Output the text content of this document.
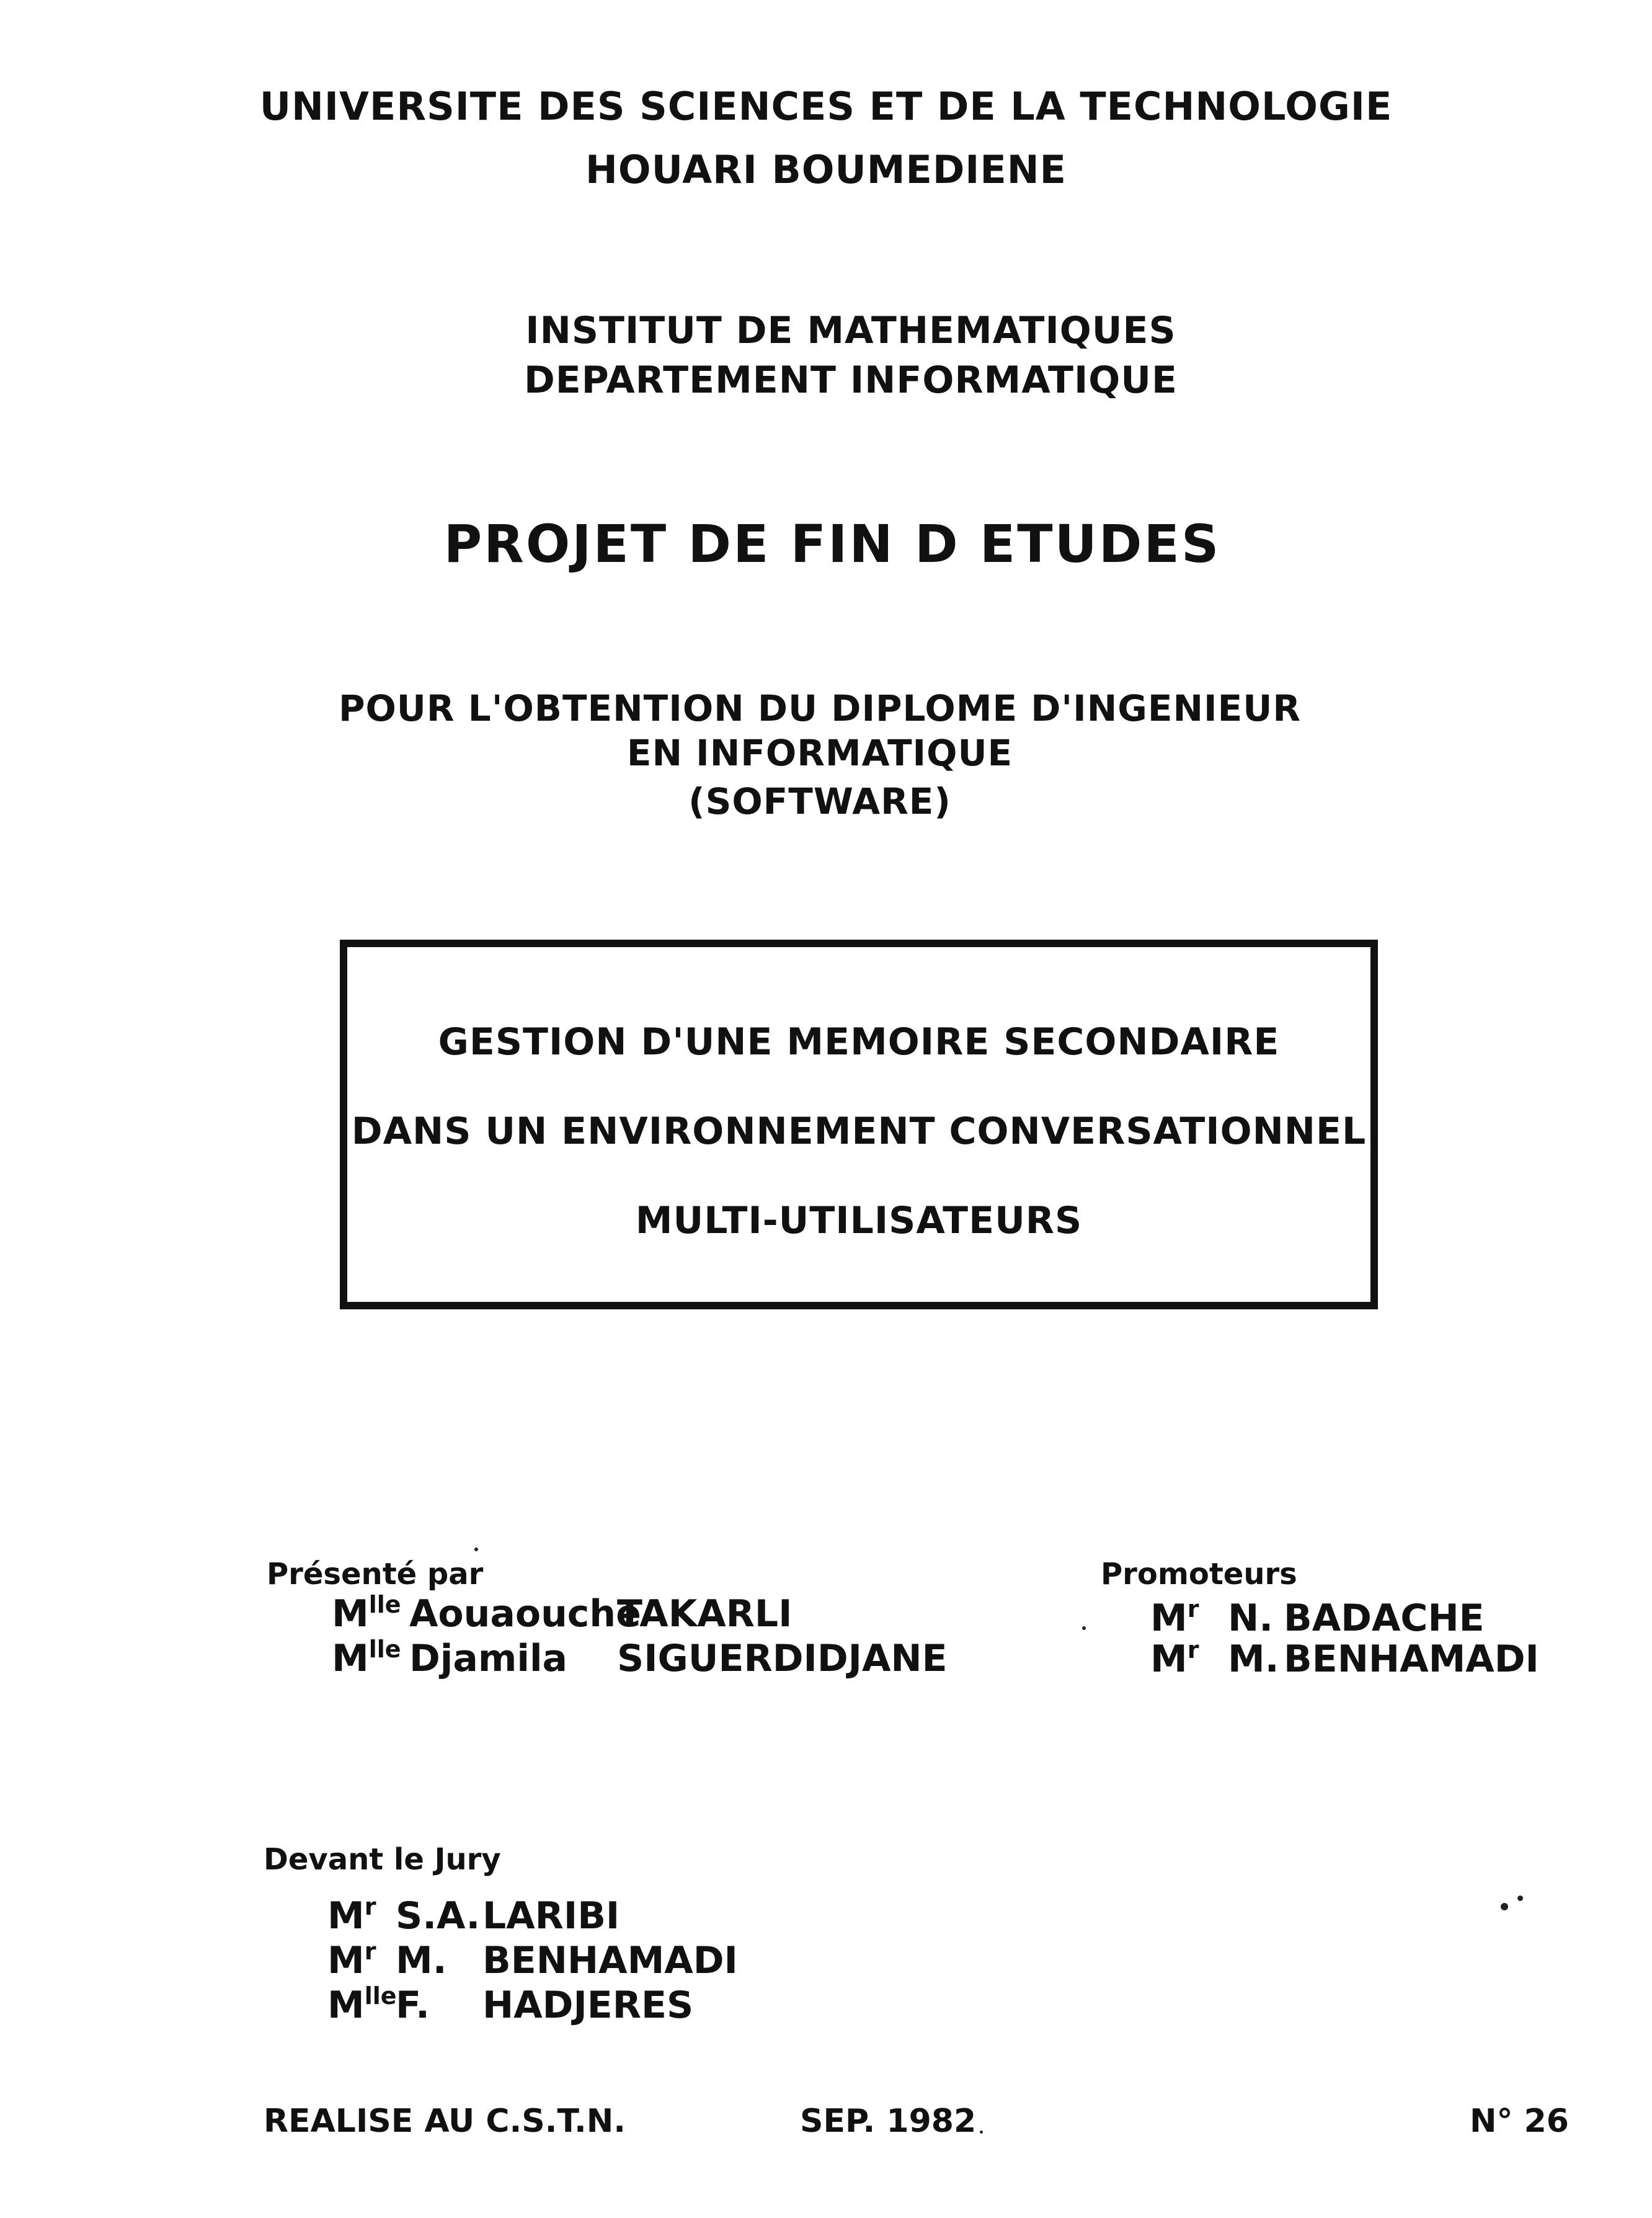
UNIVERSITE DES SCIENCES ET DE LA TECHNOLOGIE
HOUARI BOUMEDIENE
INSTITUT DE MATHEMATIQUES
DEPARTEMENT INFORMATIQUE
PROJET DE FIN D ETUDES
POUR L'OBTENTION DU DIPLOME D'INGENIEUR
EN INFORMATIQUE
(SOFTWARE)
GESTION D'UNE MEMOIRE SECONDAIRE
DANS UN ENVIRONNEMENT CONVERSATIONNEL
MULTI-UTILISATEURS
Présenté par
$M^{lle}$ AouaoucheTAKARLI
$M^{lle}$ Djamila SIGUERDIDJANE
Promoteurs
$M^r$ N. BADACHE
$M^r$ M. BENHAMADI
Devant le Jury
$M^r$ S.A.LARIBI
$M^r$ M. BENHAMADI
$M^{lle}F$. HADJERES
REALISE AU C.S.T.N.	SEP. 1982	N° 26
